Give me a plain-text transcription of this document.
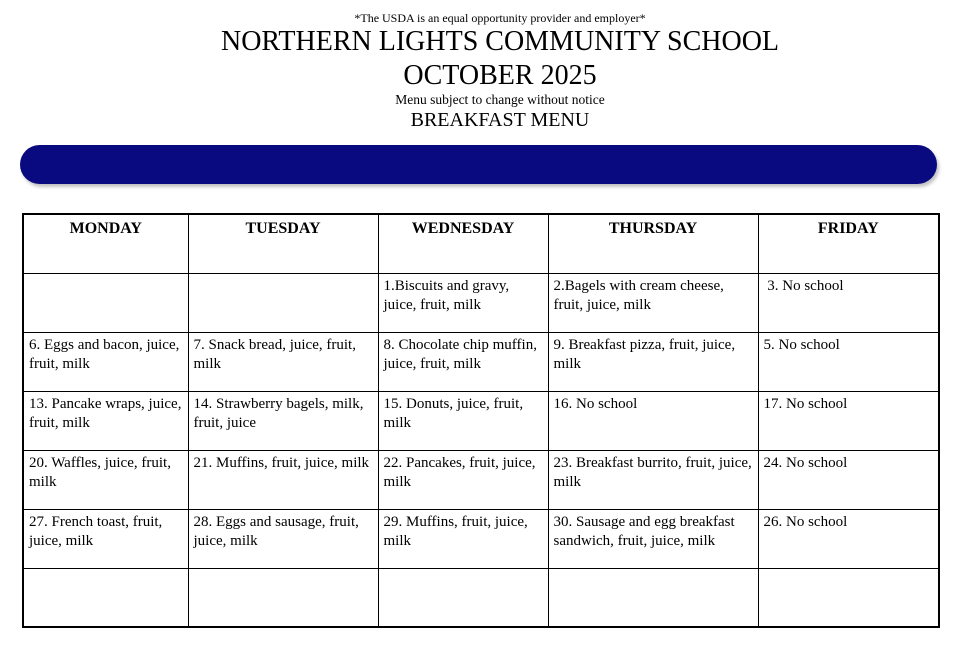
*The USDA is an equal opportunity provider and employer*
NORTHERN LIGHTS COMMUNITY SCHOOL
OCTOBER 2025
Menu subject to change without notice
BREAKFAST MENU
MONDAY	TUESDAY	WEDNESDAY	THURSDAY	FRIDAY
		1.Biscuits and gravy, juice, fruit, milk	2.Bagels with cream cheese, fruit, juice, milk	3. No school
6. Eggs and bacon, juice, fruit, milk	7. Snack bread, juice, fruit, milk	8. Chocolate chip muffin, juice, fruit, milk	9. Breakfast pizza, fruit, juice, milk	5. No school
13. Pancake wraps, juice, fruit, milk	14. Strawberry bagels, milk, fruit, juice	15. Donuts, juice, fruit, milk	16. No school	17. No school
20. Waffles, juice, fruit, milk	21. Muffins, fruit, juice, milk	22. Pancakes, fruit, juice, milk	23. Breakfast burrito, fruit, juice, milk	24. No school
27. French toast, fruit, juice, milk	28. Eggs and sausage, fruit, juice, milk	29. Muffins, fruit, juice, milk	30. Sausage and egg breakfast sandwich, fruit, juice, milk	26. No school
